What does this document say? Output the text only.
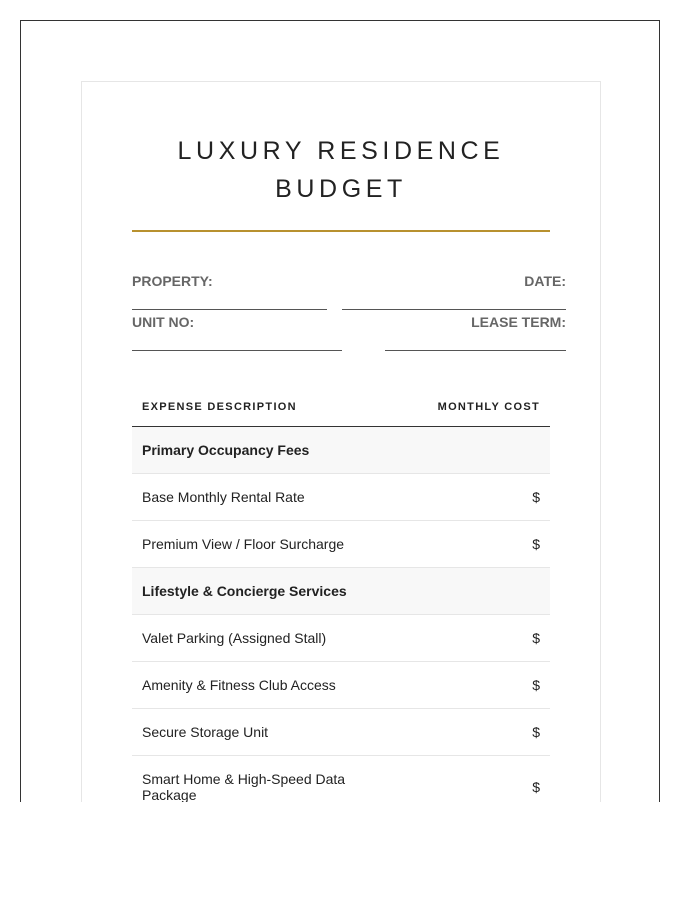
LUXURY RESIDENCE
BUDGET
PROPERTY:	DATE:
UNIT NO:	LEASE TERM:
EXPENSE DESCRIPTION	MONTHLY COST
Primary Occupancy Fees
Base Monthly Rental Rate	$
Premium View / Floor Surcharge	$
Lifestyle & Concierge Services
Valet Parking (Assigned Stall)	$
Amenity & Fitness Club Access	$
Secure Storage Unit	$
Smart Home & High-Speed Data Package	$
